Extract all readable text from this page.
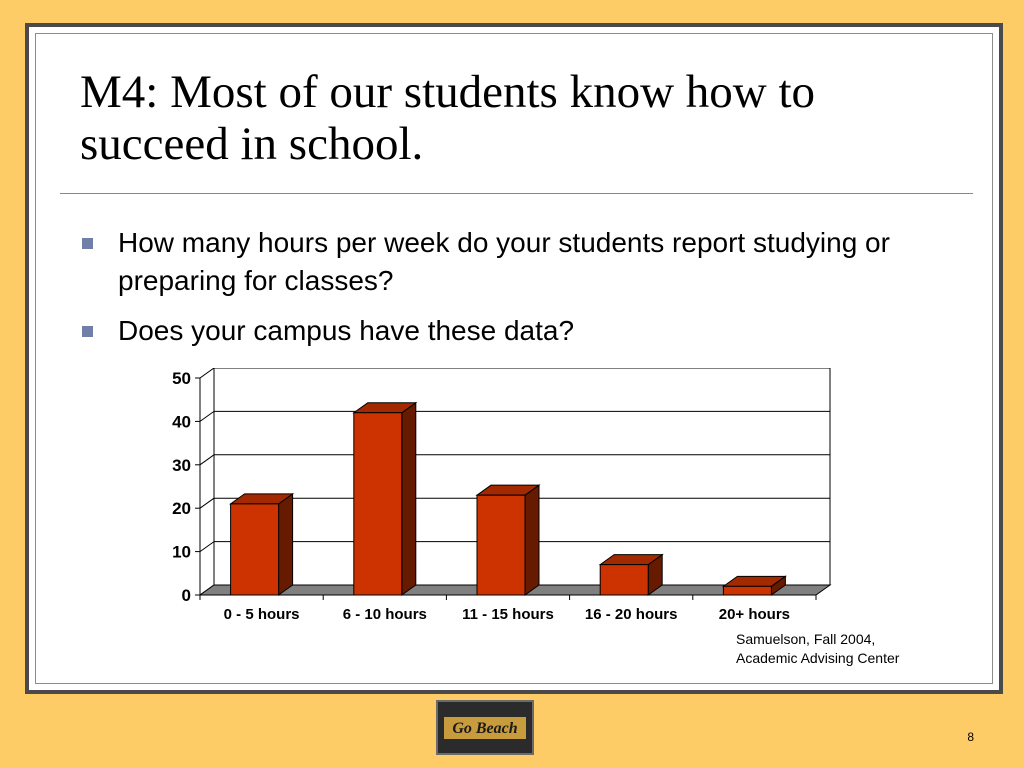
M4: Most of our students know how to
succeed in school.
How many hours per week do your students report studying or preparing for classes?
Does your campus have these data?
0
10
20
30
40
50
0 - 5 hours	6 - 10 hours 11 - 15 hours 16 - 20 hours	20+ hours
Samuelson, Fall 2004,
Academic Advising Center
Go Beach	8
